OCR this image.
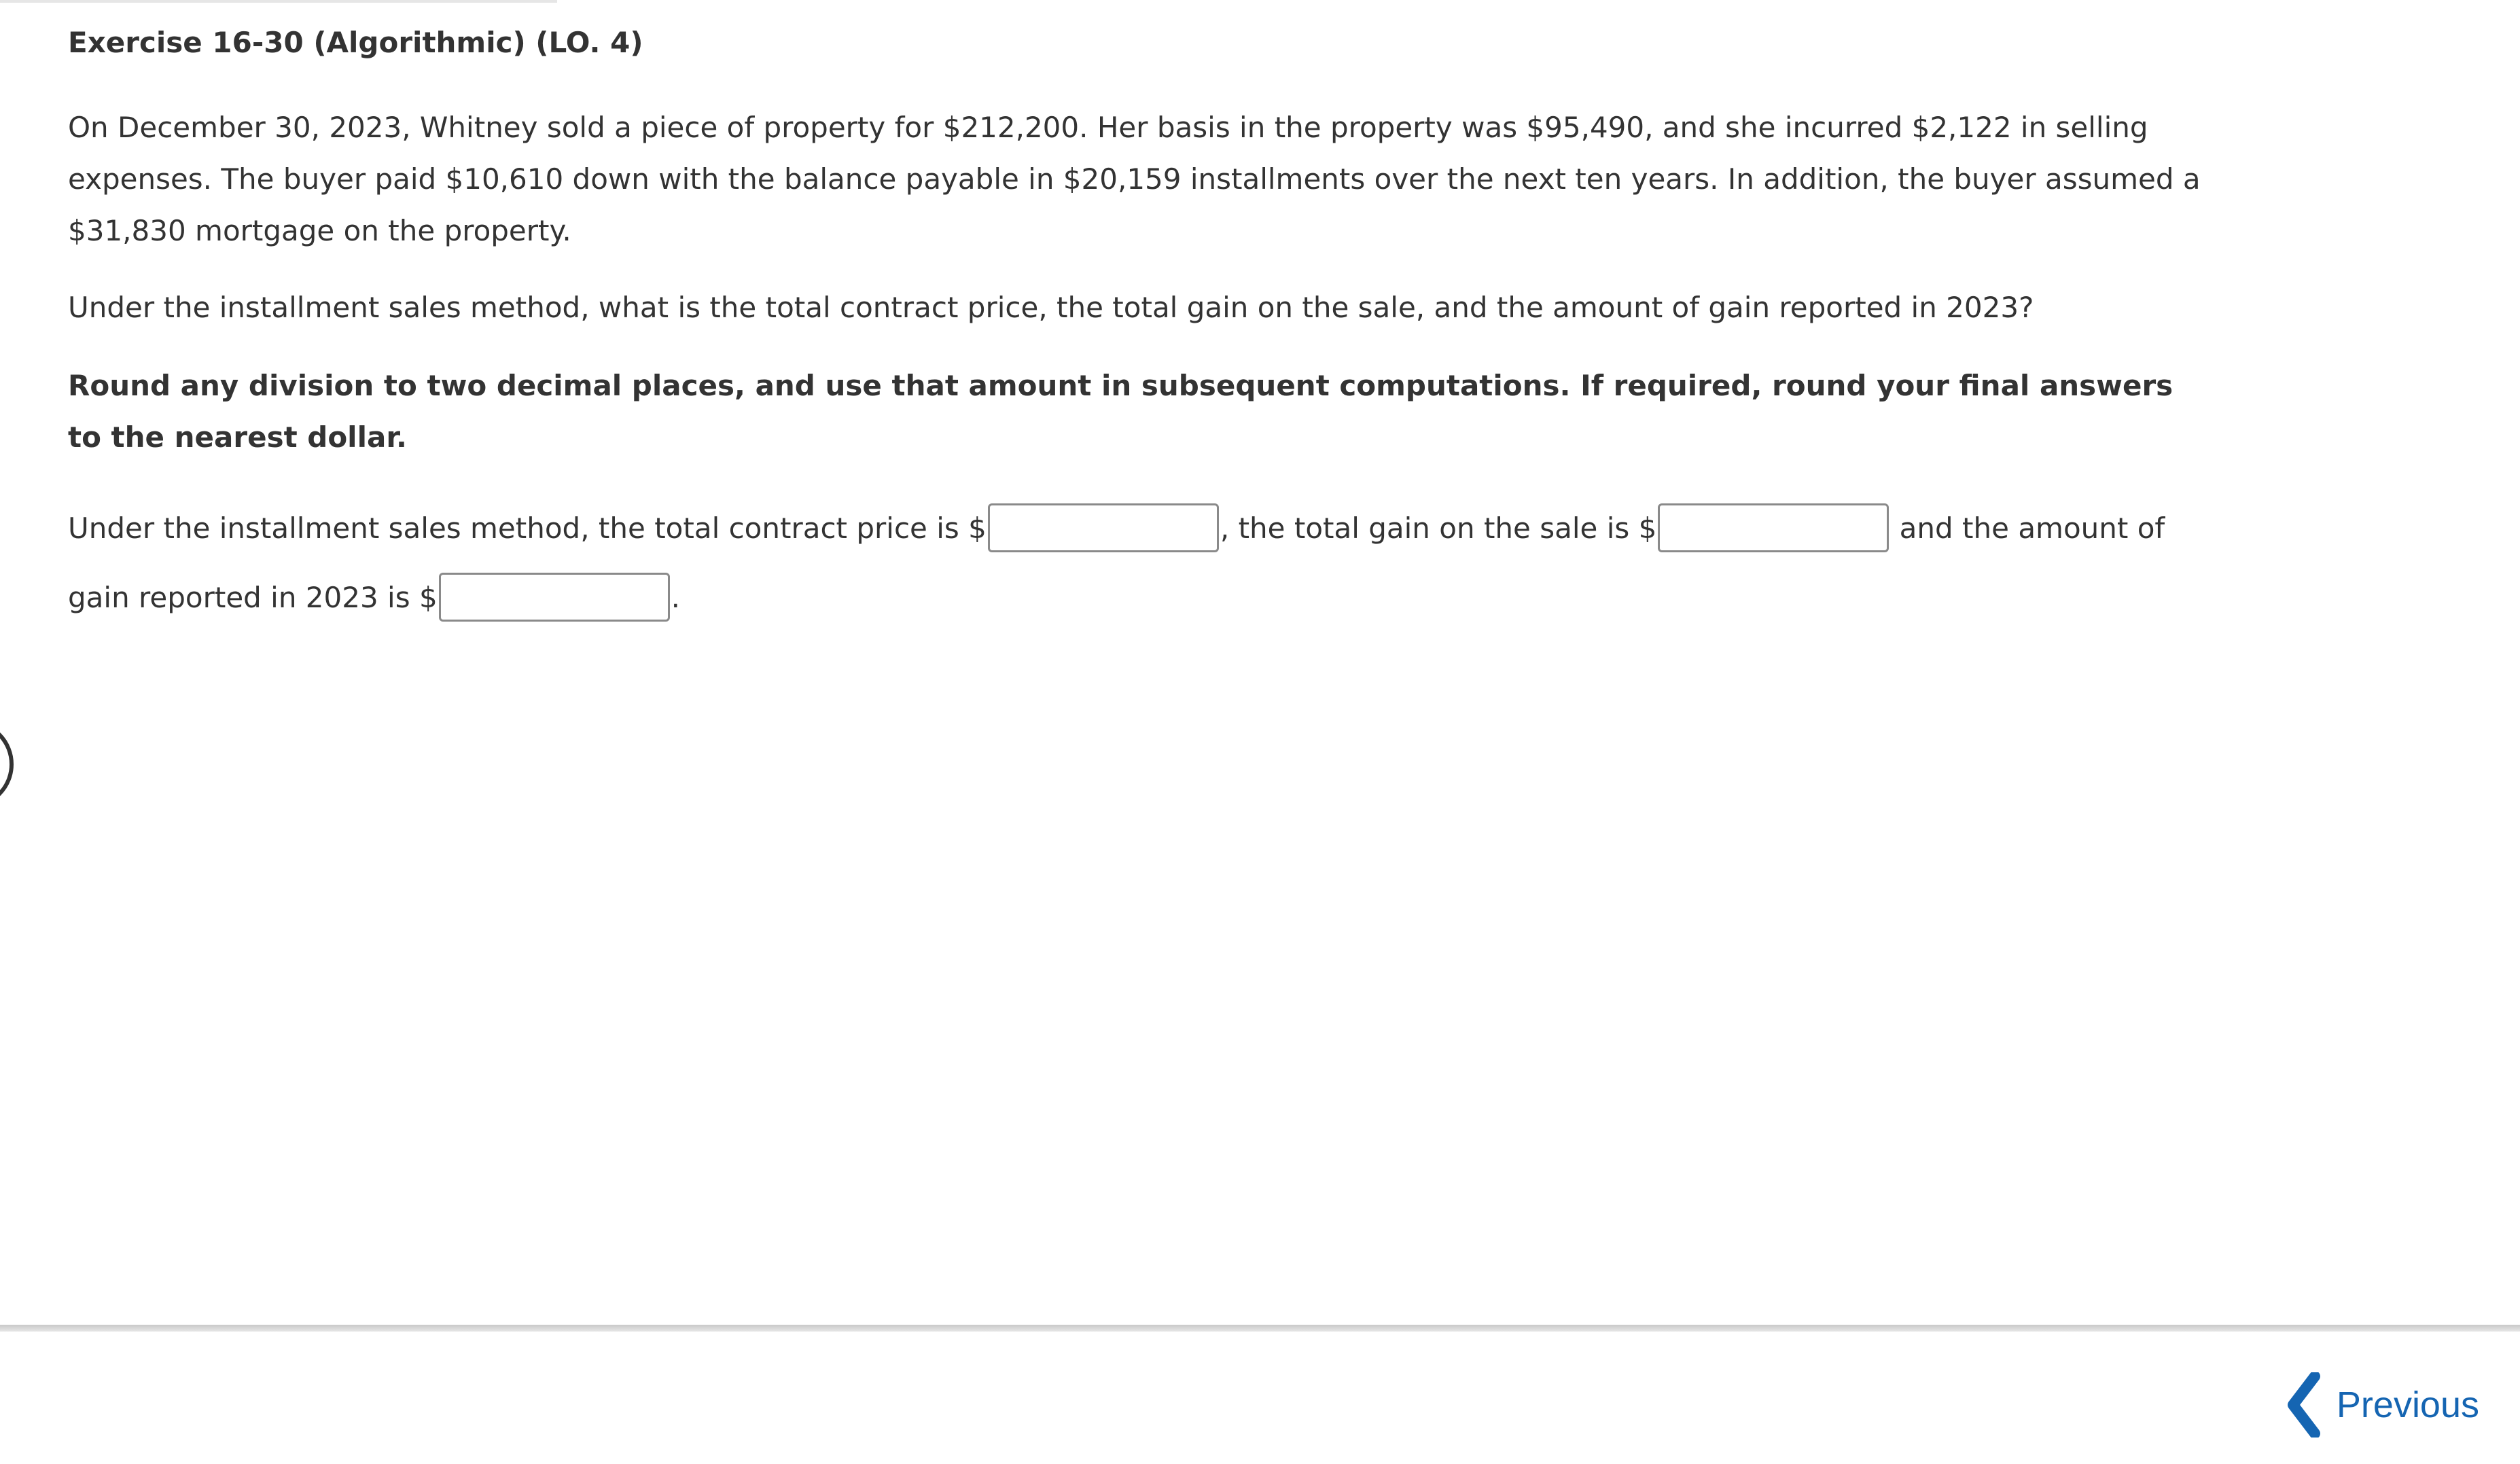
Exercise 16-30 (Algorithmic) (LO. 4)

On December 30, 2023, Whitney sold a piece of property for $212,200. Her basis in the property was $95,490, and she incurred $2,122 in selling expenses. The buyer paid $10,610 down with the balance payable in $20,159 installments over the next ten years. In addition, the buyer assumed a $31,830 mortgage on the property.

Under the installment sales method, what is the total contract price, the total gain on the sale, and the amount of gain reported in 2023?

Round any division to two decimal places, and use that amount in subsequent computations. If required, round your final answers to the nearest dollar.

Under the installment sales method, the total contract price is $	, the total gain on the sale is $	and the amount of gain reported in 2023 is $	.

Previous
